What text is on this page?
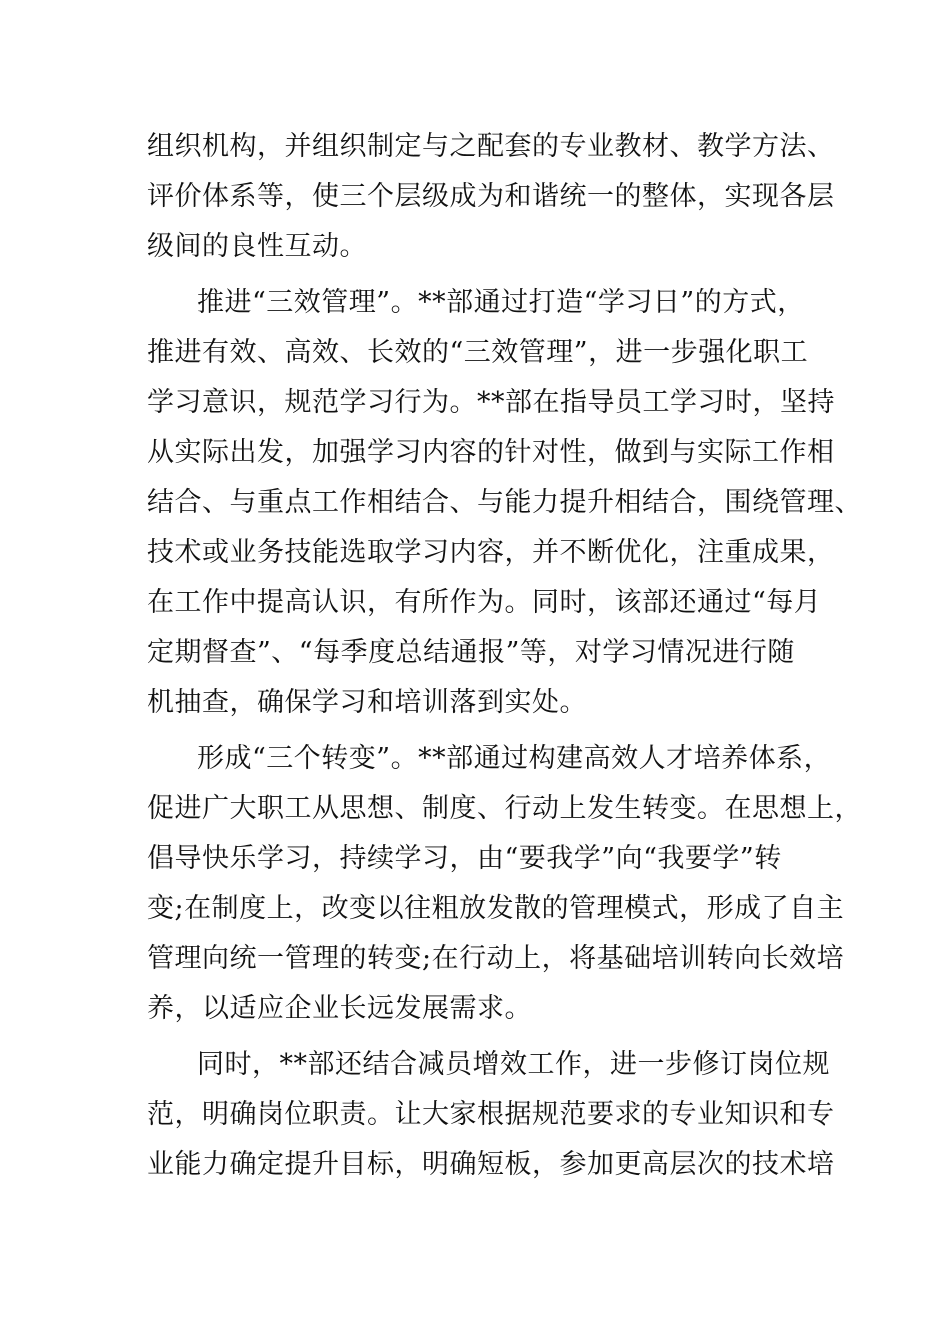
组织机构，并组织制定与之配套的专业教材、教学方法、
评价体系等，使三个层级成为和谐统一的整体，实现各层
级间的良性互动。

推进“三效管理”。**部通过打造“学习日”的方式，
推进有效、高效、长效的“三效管理”，进一步强化职工
学习意识，规范学习行为。**部在指导员工学习时，坚持
从实际出发，加强学习内容的针对性，做到与实际工作相
结合、与重点工作相结合、与能力提升相结合，围绕管理、
技术或业务技能选取学习内容，并不断优化，注重成果，
在工作中提高认识，有所作为。同时，该部还通过“每月
定期督查”、“每季度总结通报”等，对学习情况进行随
机抽查，确保学习和培训落到实处。

形成“三个转变”。**部通过构建高效人才培养体系，
促进广大职工从思想、制度、行动上发生转变。在思想上，
倡导快乐学习，持续学习，由“要我学”向“我要学”转
变;在制度上，改变以往粗放发散的管理模式，形成了自主
管理向统一管理的转变;在行动上，将基础培训转向长效培
养，以适应企业长远发展需求。

同时，**部还结合减员增效工作，进一步修订岗位规
范，明确岗位职责。让大家根据规范要求的专业知识和专
业能力确定提升目标，明确短板，参加更高层次的技术培
